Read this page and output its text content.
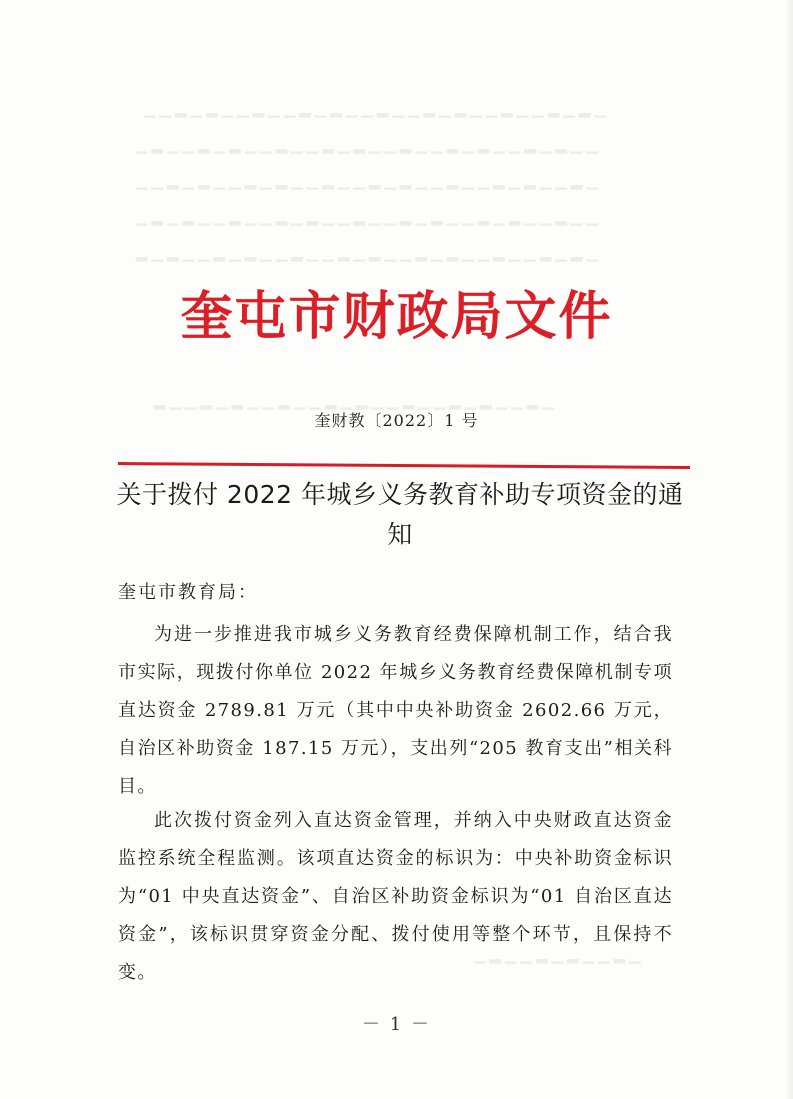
▁▂▁▂▁▁▂▁▁▂▁▂▁▁▂▁▁▂▁▂▁▁▂▁▁▂▁▂▁▁
▁▁▂▁▂▁▁▂▁▂▁▁▂▁▁▂▁▂▁▁▂▁▁▂▁▂▁▁▂▁
▁▂▁▁▂▁▂▁▁▂▁▁▂▁▂▁▁▂▁▁▂▁▂▁▁▂▁▂▁▁
▁▁▂▁▁▂▁▂▁▁▂▁▂▁▁▂▁▁▂▁▂▁▁▂▁▁▂▁▂▁
▁▂▁▂▁▁▂▁▁▂▁▂▁▁▂▁▂▁▁▂▁▁▂▁▂▁▁▂▁▂
▁▂▁▁▂▁▂▁▁▂▁▁▂▁▂▁▁▂▁▁▂▁▂▁▁▂
▁▂▁▁▂▁▂▁▁▂▁
奎屯市财政局文件
奎财教〔2022〕1 号
关于拨付 2022 年城乡义务教育补助专项资金的通知
奎屯市教育局：
为进一步推进我市城乡义务教育经费保障机制工作，结合我市实际，现拨付你单位 2022 年城乡义务教育经费保障机制专项直达资金 2789.81 万元（其中中央补助资金 2602.66 万元，自治区补助资金 187.15 万元），支出列“205 教育支出”相关科目。
此次拨付资金列入直达资金管理，并纳入中央财政直达资金监控系统全程监测。该项直达资金的标识为：中央补助资金标识为“01 中央直达资金”、自治区补助资金标识为“01 自治区直达资金”，该标识贯穿资金分配、拨付使用等整个环节，且保持不变。
－ 1 －
